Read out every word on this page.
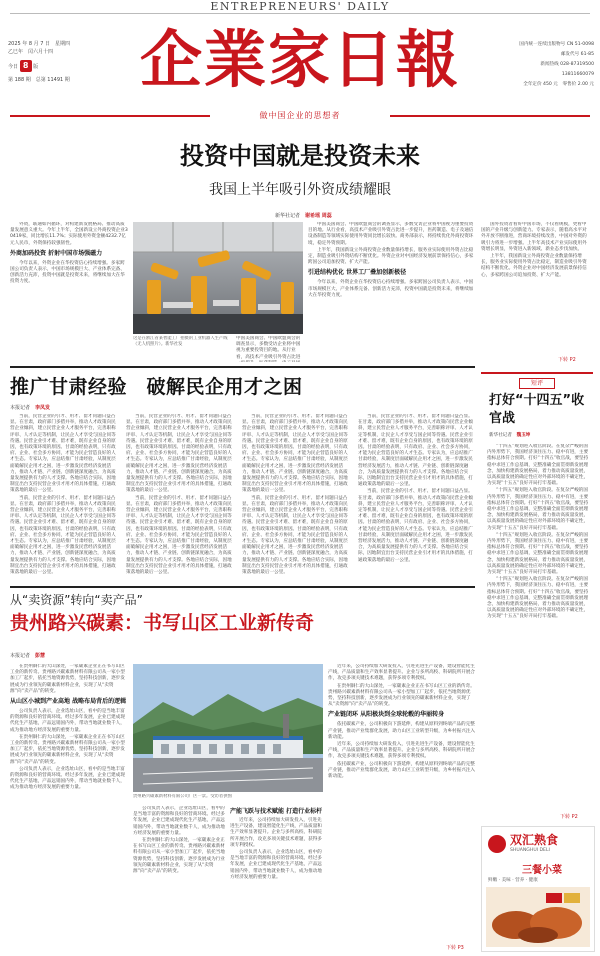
ENTREPRENEURS' DAILY
2025 年 8 月 7 日　星期四
乙巳年　闰六月十四
今日 8 版
第 188 期　总第 11491 期	企業家日報	国内统一连续出版物号 CN 51-0098
邮发代号 61-85
新闻热线 028-87319500
13811660079
全年定价 450 元　零售价 2.00 元
做中国企业的思想者
投资中国就是投资未来
我国上半年吸引外资成绩耀眼
新华社记者　 谢希瑶 周蕊

外资，联通如内循环，对构建新发展格局、推动高质量发展意义重大。今年上半年，全国新设立外商投资企业30419家，同比增长11.7%；实际使用外资金额4232.7亿元人民币，外资保持较强韧性。

外商加码投资 折射中国市场强磁力

今年以来，外资企业在华投资信心持续增强。多家跨国公司负责人表示，中国市场规模巨大、产业体系完备、创新活力充沛，投资中国就是投资未来，将继续加大在华投资力度。

这是在浙江省某智能工厂拍摄的工业机器人生产线（无人机照片）。新华社发

中国美国商会、中国欧盟商会的调查显示，多数受访企业将中国视为重要投资目的地。从行业看，高技术产业吸引外资占比进

中国美国商会、中国欧盟商会的调查显示，多数受访企业将中国视为重要投资目的地。从行业看，高技术产业吸引外资占比进一步提升，医药制造、电子及通信设备制造等领域实际使用外资同比增长较快。商务部表示，将持续优化外商投资环境，稳定外资预期。

上半年，我国新设立外商投资企业数量保持增长，服务业实际使用外资占比稳定，制造业吸引外资结构不断优化。外资企业对中国经济发展前景保持信心，多家跨国公司追加投资、扩大产能。

引进结构优化 世界工厂叠加创新极径

今年以来，外资企业在华投资信心持续增强。多家跨国公司负责人表示，中国市场规模巨大、产业体系完备、创新活力充沛，投资中国就是投资未来，将继续加大在华投资力度。

国外投资者看好中国市场，不仅看规模，更看中国的产业升级与创新能力。专家表示，随着高水平对外开放不断推进，营商环境持续改善，中国对外资的吸引力将进一步增强。上半年高技术产业实际使用外资增长明显，外资进入新领域、新业态步伐加快。

上半年，我国新设立外商投资企业数量保持增长，服务业实际使用外资占比稳定，制造业吸引外资结构不断优化。外资企业对中国经济发展前景保持信心，多家跨国公司追加投资、扩大产能。

下转 P2
推广甘肃经验　破解民企用才之困
本报记者　 李凤发

当前，民营企业的引才、用才、留才问题日益凸显。在甘肃，政府部门多措并举，推动人才政策向民营企业倾斜，建立民营企业人才服务平台，完善职称评审、人才认定等机制，让民企人才享受与国企同等待遇。民营企业引才难、留才难，既有企业自身的原因，也有政策环境的原因。甘肃的经验表明，只有政府、企业、社会多方协同，才能为民企营造良好的人才生态。专家认为，应总结推广甘肃经验，从制度层面破解民企用才之困，进一步激发民营经济发展活力，推动人才链、产业链、创新链深度融合，为高质量发展提供有力的人才支撑。各地应结合实际，因地制宜出台支持民营企业引才用才的具体措施，打通政策落地的最后一公里。

当前，民营企业的引才、用才、留才问题日益凸显。在甘肃，政府部门多措并举，推动人才政策向民营企业倾斜，建立民营企业人才服务平台，完善职称评审、人才认定等机制，让民企人才享受与国企同等待遇。民营企业引才难、留才难，既有企业自身的原因，也有政策环境的原因。甘肃的经验表明，只有政府、企业、社会多方协同，才能为民企营造良好的人才生态。专家认为，应总结推广甘肃经验，从制度层面破解民企用才之困，进一步激发民营经济发展活力，推动人才链、产业链、创新链深度融合，为高质量发展提供有力的人才支撑。各地应结合实际，因地制宜出台支持民营企业引才用才的具体措施，打通政策落地的最后一公里。

当前，民营企业的引才、用才、留才问题日益凸显。在甘肃，政府部门多措并举，推动人才政策向民营企业倾斜，建立民营企业人才服务平台，完善职称评审、人才认定等机制，让民企人才享受与国企同等待遇。民营企业引才难、留才难，既有企业自身的原因，也有政策环境的原因。甘肃的经验表明，只有政府、企业、社会多方协同，才能为民企营造良好的人才生态。专家认为，应总结推广甘肃经验，从制度层面破解民企用才之困，进一步激发民营经济发展活力，推动人才链、产业链、创新链深度融合，为高质量发展提供有力的人才支撑。各地应结合实际，因地制宜出台支持民营企业引才用才的具体措施，打通政策落地的最后一公里。

当前，民营企业的引才、用才、留才问题日益凸显。在甘肃，政府部门多措并举，推动人才政策向民营企业倾斜，建立民营企业人才服务平台，完善职称评审、人才认定等机制，让民企人才享受与国企同等待遇。民营企业引才难、留才难，既有企业自身的原因，也有政策环境的原因。甘肃的经验表明，只有政府、企业、社会多方协同，才能为民企营造良好的人才生态。专家认为，应总结推广甘肃经验，从制度层面破解民企用才之困，进一步激发民营经济发展活力，推动人才链、产业链、创新链深度融合，为高质量发展提供有力的人才支撑。各地应结合实际，因地制宜出台支持民营企业引才用才的具体措施，打通政策落地的最后一公里。

当前，民营企业的引才、用才、留才问题日益凸显。在甘肃，政府部门多措并举，推动人才政策向民营企业倾斜，建立民营企业人才服务平台，完善职称评审、人才认定等机制，让民企人才享受与国企同等待遇。民营企业引才难、留才难，既有企业自身的原因，也有政策环境的原因。甘肃的经验表明，只有政府、企业、社会多方协同，才能为民企营造良好的人才生态。专家认为，应总结推广甘肃经验，从制度层面破解民企用才之困，进一步激发民营经济发展活力，推动人才链、产业链、创新链深度融合，为高质量发展提供有力的人才支撑。各地应结合实际，因地制宜出台支持民营企业引才用才的具体措施，打通政策落地的最后一公里。

当前，民营企业的引才、用才、留才问题日益凸显。在甘肃，政府部门多措并举，推动人才政策向民营企业倾斜，建立民营企业人才服务平台，完善职称评审、人才认定等机制，让民企人才享受与国企同等待遇。民营企业引才难、留才难，既有企业自身的原因，也有政策环境的原因。甘肃的经验表明，只有政府、企业、社会多方协同，才能为民企营造良好的人才生态。专家认为，应总结推广甘肃经验，从制度层面破解民企用才之困，进一步激发民营经济发展活力，推动人才链、产业链、创新链深度融合，为高质量发展提供有力的人才支撑。各地应结合实际，因地制宜出台支持民营企业引才用才的具体措施，打通政策落地的最后一公里。

当前，民营企业的引才、用才、留才问题日益凸显。在甘肃，政府部门多措并举，推动人才政策向民营企业倾斜，建立民营企业人才服务平台，完善职称评审、人才认定等机制，让民企人才享受与国企同等待遇。民营企业引才难、留才难，既有企业自身的原因，也有政策环境的原因。甘肃的经验表明，只有政府、企业、社会多方协同，才能为民企营造良好的人才生态。专家认为，应总结推广甘肃经验，从制度层面破解民企用才之困，进一步激发民营经济发展活力，推动人才链、产业链、创新链深度融合，为高质量发展提供有力的人才支撑。各地应结合实际，因地制宜出台支持民营企业引才用才的具体措施，打通政策落地的最后一公里。

当前，民营企业的引才、用才、留才问题日益凸显。在甘肃，政府部门多措并举，推动人才政策向民营企业倾斜，建立民营企业人才服务平台，完善职称评审、人才认定等机制，让民企人才享受与国企同等待遇。民营企业引才难、留才难，既有企业自身的原因，也有政策环境的原因。甘肃的经验表明，只有政府、企业、社会多方协同，才能为民企营造良好的人才生态。专家认为，应总结推广甘肃经验，从制度层面破解民企用才之困，进一步激发民营经济发展活力，推动人才链、产业链、创新链深度融合，为高质量发展提供有力的人才支撑。各地应结合实际，因地制宜出台支持民营企业引才用才的具体措施，打通政策落地的最后一公里。

短评
打好“十四五”收官战
新华社记者　 魏玉坤

“十四五”规划进入收官阶段。在复杂严峻的国内外形势下，我国经济顶住压力、稳中有进，主要指标总体符合预期。打好“十四五”收官战，要坚持稳中求进工作总基调，完整准确全面贯彻新发展理念，加快构建新发展格局，着力推动高质量发展，以高质量发展的确定性应对外部环境的不确定性，为实现“十五五”良好开局打牢基础。

“十四五”规划进入收官阶段。在复杂严峻的国内外形势下，我国经济顶住压力、稳中有进，主要指标总体符合预期。打好“十四五”收官战，要坚持稳中求进工作总基调，完整准确全面贯彻新发展理念，加快构建新发展格局，着力推动高质量发展，以高质量发展的确定性应对外部环境的不确定性，为实现“十五五”良好开局打牢基础。

“十四五”规划进入收官阶段。在复杂严峻的国内外形势下，我国经济顶住压力、稳中有进，主要指标总体符合预期。打好“十四五”收官战，要坚持稳中求进工作总基调，完整准确全面贯彻新发展理念，加快构建新发展格局，着力推动高质量发展，以高质量发展的确定性应对外部环境的不确定性，为实现“十五五”良好开局打牢基础。

“十四五”规划进入收官阶段。在复杂严峻的国内外形势下，我国经济顶住压力、稳中有进，主要指标总体符合预期。打好“十四五”收官战，要坚持稳中求进工作总基调，完整准确全面贯彻新发展理念，加快构建新发展格局，着力推动高质量发展，以高质量发展的确定性应对外部环境的不确定性，为实现“十五五”良好开局打牢基础。

下转 P2
从“卖资源”转向“卖产品”
贵州路兴碳素：书写山区工业新传奇
本报记者　 彭慧

在贵州铜仁的大山深处，一家碳素企业正在书写山区工业的新传奇。贵州路兴碳素新材料有限公司从一家小型加工厂起步，依托当地资源优势，坚持科技创新，逐步发展成为行业领先的碳素新材料企业，实现了从“卖资源”向“卖产品”的转变。

从山区小城到产业高地 战略布局背后的逻辑

公司负责人表示，企业选址山区，看中的是当地丰富的资源和良好的营商环境。经过多年发展，企业已建成现代化生产基地，产品远销国内外，带动当地就业数千人，成为推动地方经济发展的重要力量。

在贵州铜仁的大山深处，一家碳素企业正在书写山区工业的新传奇。贵州路兴碳素新材料有限公司从一家小型加工厂起步，依托当地资源优势，坚持科技创新，逐步发展成为行业领先的碳素新材料企业，实现了从“卖资源”向“卖产品”的转变。

公司负责人表示，企业选址山区，看中的是当地丰富的资源和良好的营商环境。经过多年发展，企业已建成现代化生产基地，产品远销国内外，带动当地就业数千人，成为推动地方经济发展的重要力量。

贵州路兴碳素新材料有限公司厂区一景。受访者供图

公司负责人表示，企业选址山区，看中的是当地丰富的资源和良好的营商环境。经过多年发展，企业已建成现代化生产基地，产品远销国内外，带动当地就业数千人，成为推动地方经济发展的重要力量。

在贵州铜仁的大山深处，一家碳素企业正在书写山区工业的新传奇。贵州路兴碳素新材料有限公司从一家小型加工厂起步，依托当地资源优势，坚持科技创新，逐步发展成为行业领先的碳素新材料企业，实现了从“卖资源”向“卖产品”的转变。

产能飞跃与技术赋能 打造行业标杆

近年来，公司持续加大研发投入，引进先进生产设备，建设智能化生产线，产品质量和生产效率显著提升。企业与多所高校、科研院所开展合作，攻克多项关键技术难题，获得多项专利授权。

公司负责人表示，企业选址山区，看中的是当地丰富的资源和良好的营商环境。经过多年发展，企业已建成现代化生产基地，产品远销国内外，带动当地就业数千人，成为推动地方经济发展的重要力量。

近年来，公司持续加大研发投入，引进先进生产设备，建设智能化生产线，产品质量和生产效率显著提升。企业与多所高校、科研院所开展合作，攻克多项关键技术难题，获得多项专利授权。

在贵州铜仁的大山深处，一家碳素企业正在书写山区工业的新传奇。贵州路兴碳素新材料有限公司从一家小型加工厂起步，依托当地资源优势，坚持科技创新，逐步发展成为行业领先的碳素新材料企业，实现了从“卖资源”向“卖产品”的转变。

产业链闭环 从阳极块到全球轮毂的华丽转身

依托碳素产业，公司积极向下游延伸，构建从原料到终端产品的完整产业链，推动产业集群化发展，助力山区工业转型升级，为乡村振兴注入新动能。

近年来，公司持续加大研发投入，引进先进生产设备，建设智能化生产线，产品质量和生产效率显著提升。企业与多所高校、科研院所开展合作，攻克多项关键技术难题，获得多项专利授权。

依托碳素产业，公司积极向下游延伸，构建从原料到终端产品的完整产业链，推动产业集群化发展，助力山区工业转型升级，为乡村振兴注入新动能。

下转 P3
双汇熟食
SHUANGHUI DELI
三餐小菜
鲜嫩 · 美味 · 营养 · 健康
